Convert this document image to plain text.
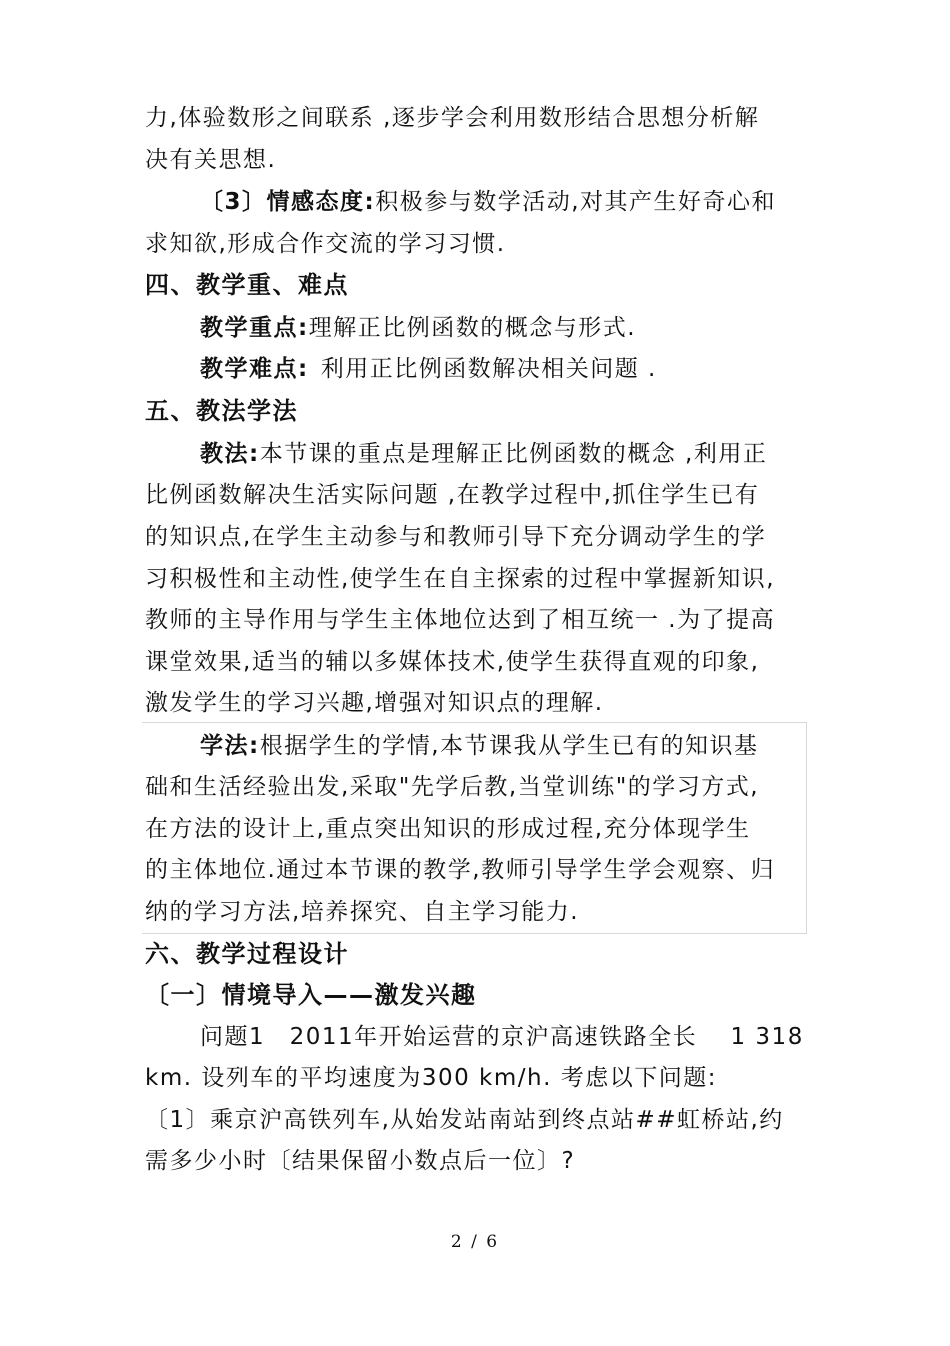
力,体验数形之间联系 ,逐步学会利用数形结合思想分析解
决有关思想.
〔3〕情感态度:积极参与数学活动,对其产生好奇心和
求知欲,形成合作交流的学习习惯.
四、教学重、难点
教学重点:理解正比例函数的概念与形式.
教学难点: 利用正比例函数解决相关问题 .
五、教法学法
教法:本节课的重点是理解正比例函数的概念 ,利用正
比例函数解决生活实际问题 ,在教学过程中,抓住学生已有
的知识点,在学生主动参与和教师引导下充分调动学生的学
习积极性和主动性,使学生在自主探索的过程中掌握新知识,
教师的主导作用与学生主体地位达到了相互统一 .为了提高
课堂效果,适当的辅以多媒体技术,使学生获得直观的印象,
激发学生的学习兴趣,增强对知识点的理解.
学法:根据学生的学情,本节课我从学生已有的知识基
础和生活经验出发,采取"先学后教,当堂训练"的学习方式,
在方法的设计上,重点突出知识的形成过程,充分体现学生
的主体地位.通过本节课的教学,教师引导学生学会观察、归
纳的学习方法,培养探究、自主学习能力.
六、教学过程设计
〔一〕情境导入——激发兴趣
问题1　2011年开始运营的京沪高速铁路全长　 1 318
km. 设列车的平均速度为300 km/h. 考虑以下问题:
〔1〕乘京沪高铁列车,从始发站南站到终点站##虹桥站,约
需多少小时〔结果保留小数点后一位〕?
2 / 6
